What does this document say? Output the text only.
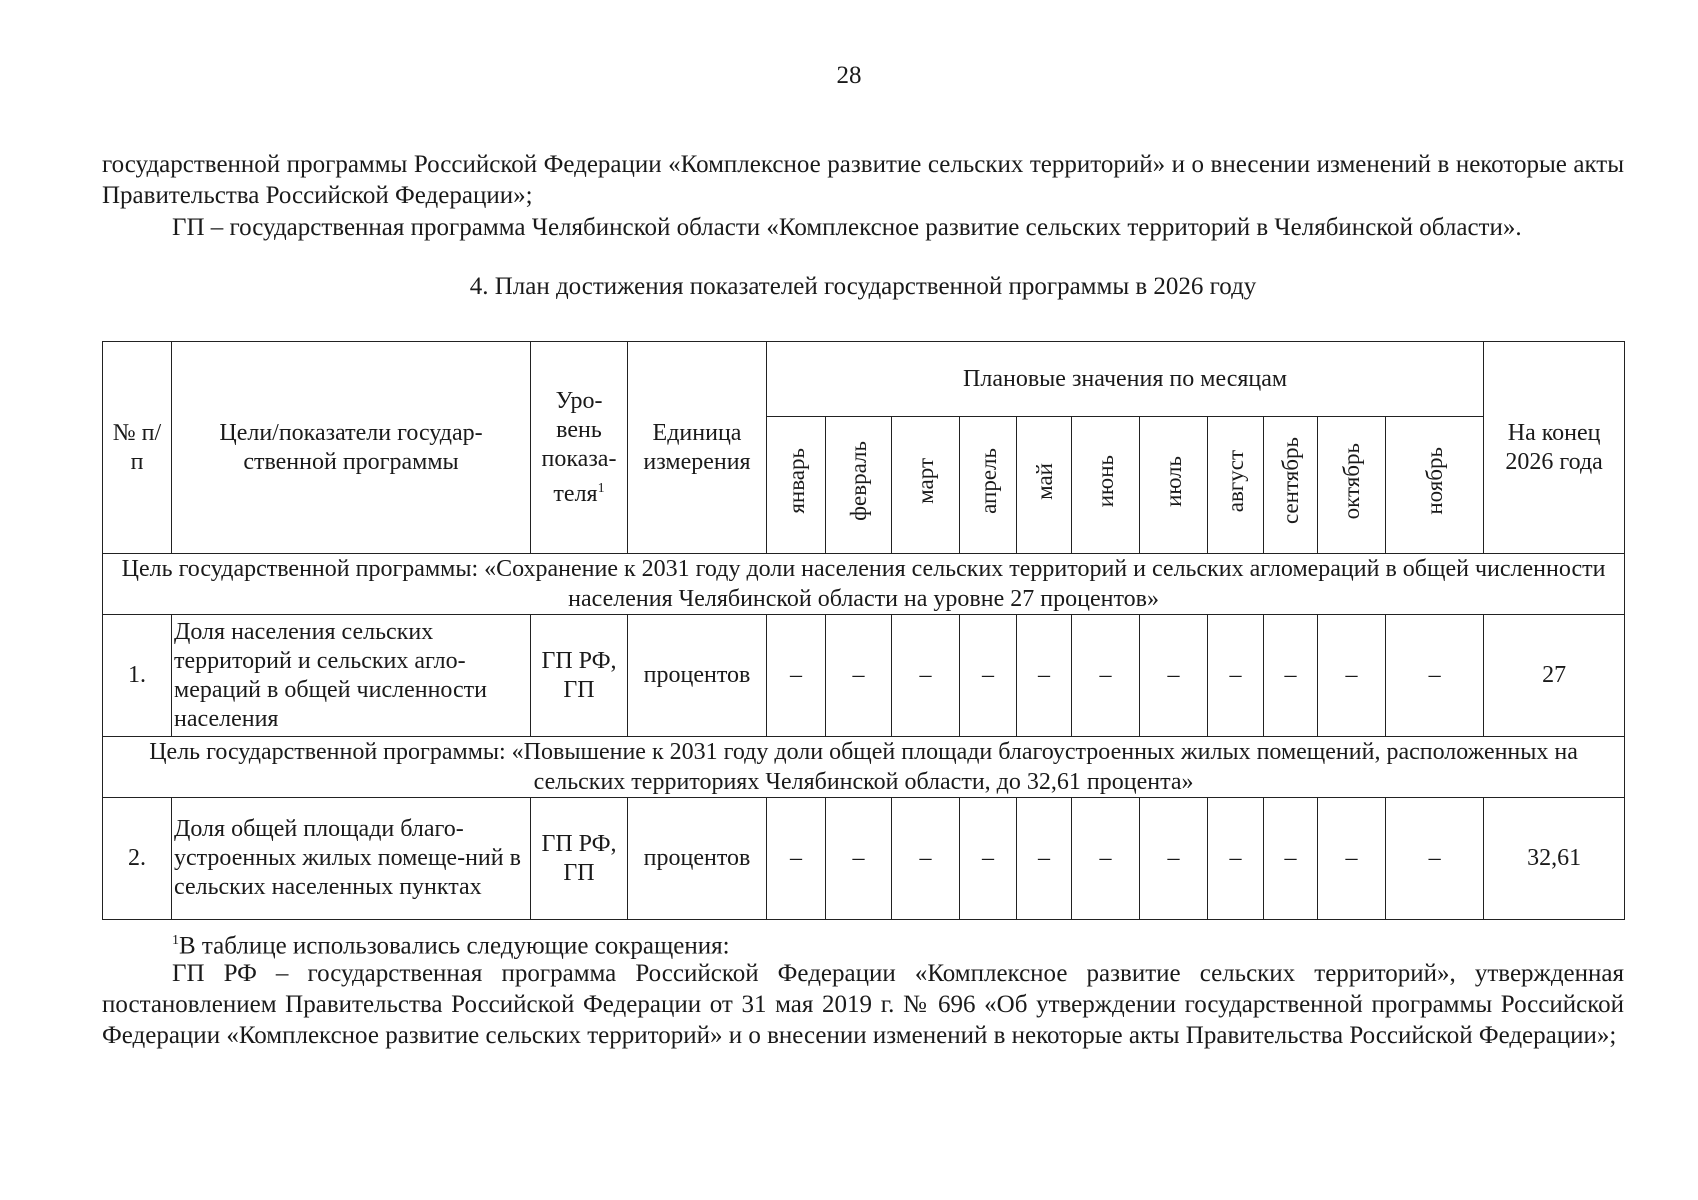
28
государственной программы Российской Федерации «Комплексное развитие сельских территорий» и о внесении изменений в некоторые акты Правительства Российской Федерации»;
ГП – государственная программа Челябинской области «Комплексное развитие сельских территорий в Челябинской области».
4. План достижения показателей государственной программы в 2026 году
№ п/п	Цели/показатели государ-ственной программы	Уро-вень показа-теля$^1$	Единица измерения	Плановые значения по месяцам											На конец 2026 года
				январь	февраль	март	апрель	май	июнь	июль	август	сентябрь	октябрь	ноябрь	
Цель государственной программы: «Сохранение к 2031 году доли населения сельских территорий и сельских агломераций в общей численности населения Челябинской области на уровне 27 процентов»															
1.	Доля населения сельских территорий и сельских агло-мераций в общей численности населения	ГП РФ, ГП	процентов	–	–	–	–	–	–	–	–	–	–	–	27
Цель государственной программы: «Повышение к 2031 году доли общей площади благоустроенных жилых помещений, расположенных на сельских территориях Челябинской области, до 32,61 процента»															
2.	Доля общей площади благо-устроенных жилых помеще-ний в сельских населенных пунктах	ГП РФ, ГП	процентов	–	–	–	–	–	–	–	–	–	–	–	32,61
$^1$В таблице использовались следующие сокращения:
ГП РФ – государственная программа Российской Федерации «Комплексное развитие сельских территорий», утвержденная постановлением Правительства Российской Федерации от 31 мая 2019 г. № 696 «Об утверждении государственной программы Российской Федерации «Комплексное развитие сельских территорий» и о внесении изменений в некоторые акты Правительства Российской Федерации»;
